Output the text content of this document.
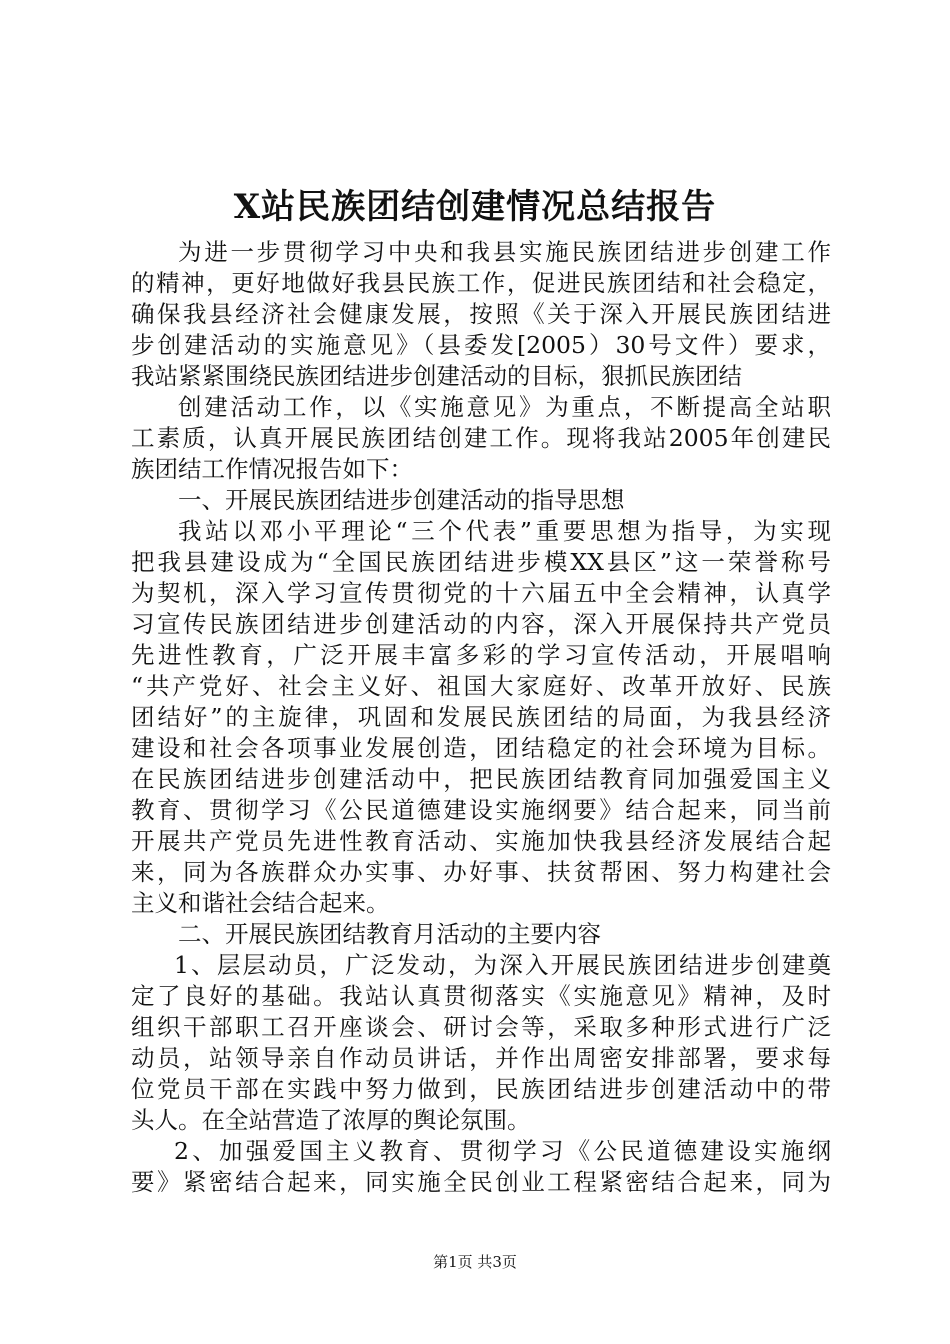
X站民族团结创建情况总结报告
为进一步贯彻学习中央和我县实施民族团结进步创建工作
的精神，更好地做好我县民族工作，促进民族团结和社会稳定，
确保我县经济社会健康发展，按照《关于深入开展民族团结进
步创建活动的实施意见》（县委发[2005）30号文件）要求，
我站紧紧围绕民族团结进步创建活动的目标，狠抓民族团结
创建活动工作，以《实施意见》为重点，不断提高全站职
工素质，认真开展民族团结创建工作。现将我站2005年创建民
族团结工作情况报告如下：
一、开展民族团结进步创建活动的指导思想
我站以邓小平理论“三个代表”重要思想为指导，为实现
把我县建设成为“全国民族团结进步模XX县区”这一荣誉称号
为契机，深入学习宣传贯彻党的十六届五中全会精神，认真学
习宣传民族团结进步创建活动的内容，深入开展保持共产党员
先进性教育，广泛开展丰富多彩的学习宣传活动，开展唱响
“共产党好、社会主义好、祖国大家庭好、改革开放好、民族
团结好”的主旋律，巩固和发展民族团结的局面，为我县经济
建设和社会各项事业发展创造，团结稳定的社会环境为目标。
在民族团结进步创建活动中，把民族团结教育同加强爱国主义
教育、贯彻学习《公民道德建设实施纲要》结合起来，同当前
开展共产党员先进性教育活动、实施加快我县经济发展结合起
来，同为各族群众办实事、办好事、扶贫帮困、努力构建社会
主义和谐社会结合起来。
二、开展民族团结教育月活动的主要内容
1、层层动员，广泛发动，为深入开展民族团结进步创建奠
定了良好的基础。我站认真贯彻落实《实施意见》精神，及时
组织干部职工召开座谈会、研讨会等，采取多种形式进行广泛
动员，站领导亲自作动员讲话，并作出周密安排部署，要求每
位党员干部在实践中努力做到，民族团结进步创建活动中的带
头人。在全站营造了浓厚的舆论氛围。
2、加强爱国主义教育、贯彻学习《公民道德建设实施纲
要》紧密结合起来，同实施全民创业工程紧密结合起来，同为
第1页 共3页
